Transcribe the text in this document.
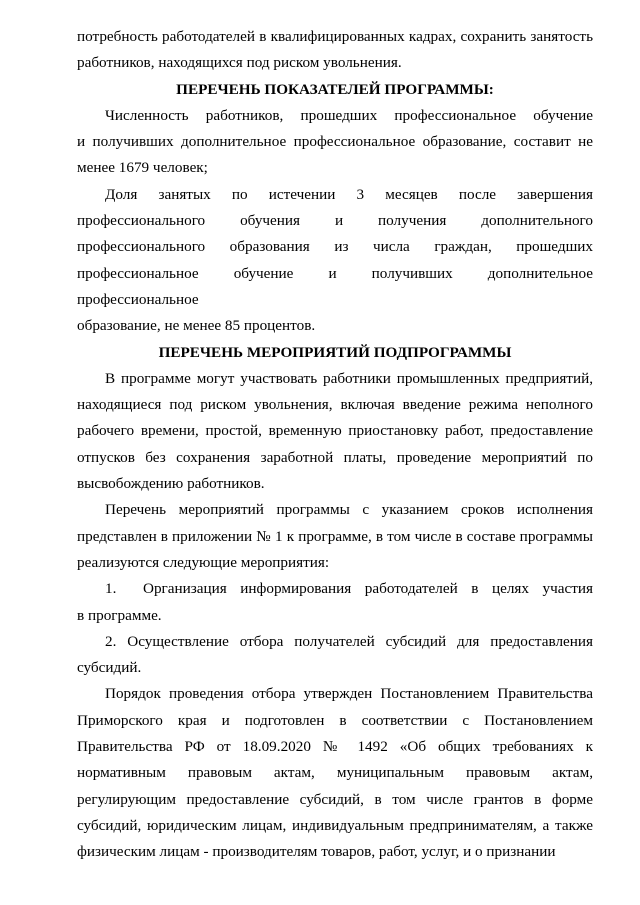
потребность работодателей в квалифицированных кадрах, сохранить занятость

работников, находящихся под риском увольнения.

ПЕРЕЧЕНЬ ПОКАЗАТЕЛЕЙ ПРОГРАММЫ:

Численность работников, прошедших профессиональное обучение

и получивших дополнительное профессиональное образование, составит не

менее 1679 человек;

Доля занятых по истечении 3 месяцев после завершения

профессионального обучения и получения дополнительного

профессионального образования из числа граждан, прошедших

профессиональное обучение и получивших дополнительное профессиональное

образование, не менее 85 процентов.

ПЕРЕЧЕНЬ МЕРОПРИЯТИЙ ПОДПРОГРАММЫ

В программе могут участвовать работники промышленных предприятий, находящиеся под риском увольнения, включая введение режима неполного рабочего времени, простой, временную приостановку работ, предоставление отпусков без сохранения заработной платы, проведение мероприятий по высвобождению работников.

Перечень мероприятий программы с указанием сроков исполнения представлен в приложении № 1 к программе, в том числе в составе программы реализуются следующие мероприятия:

1. Организация информирования работодателей в целях участия

в программе.

2. Осуществление отбора получателей субсидий для предоставления субсидий.

Порядок проведения отбора утвержден Постановлением Правительства Приморского края и подготовлен в соответствии с Постановлением Правительства РФ от 18.09.2020 № 1492 «Об общих требованиях к нормативным правовым актам, муниципальным правовым актам, регулирующим предоставление субсидий, в том числе грантов в форме субсидий, юридическим лицам, индивидуальным предпринимателям, а также физическим лицам - производителям товаров, работ, услуг, и о признании
